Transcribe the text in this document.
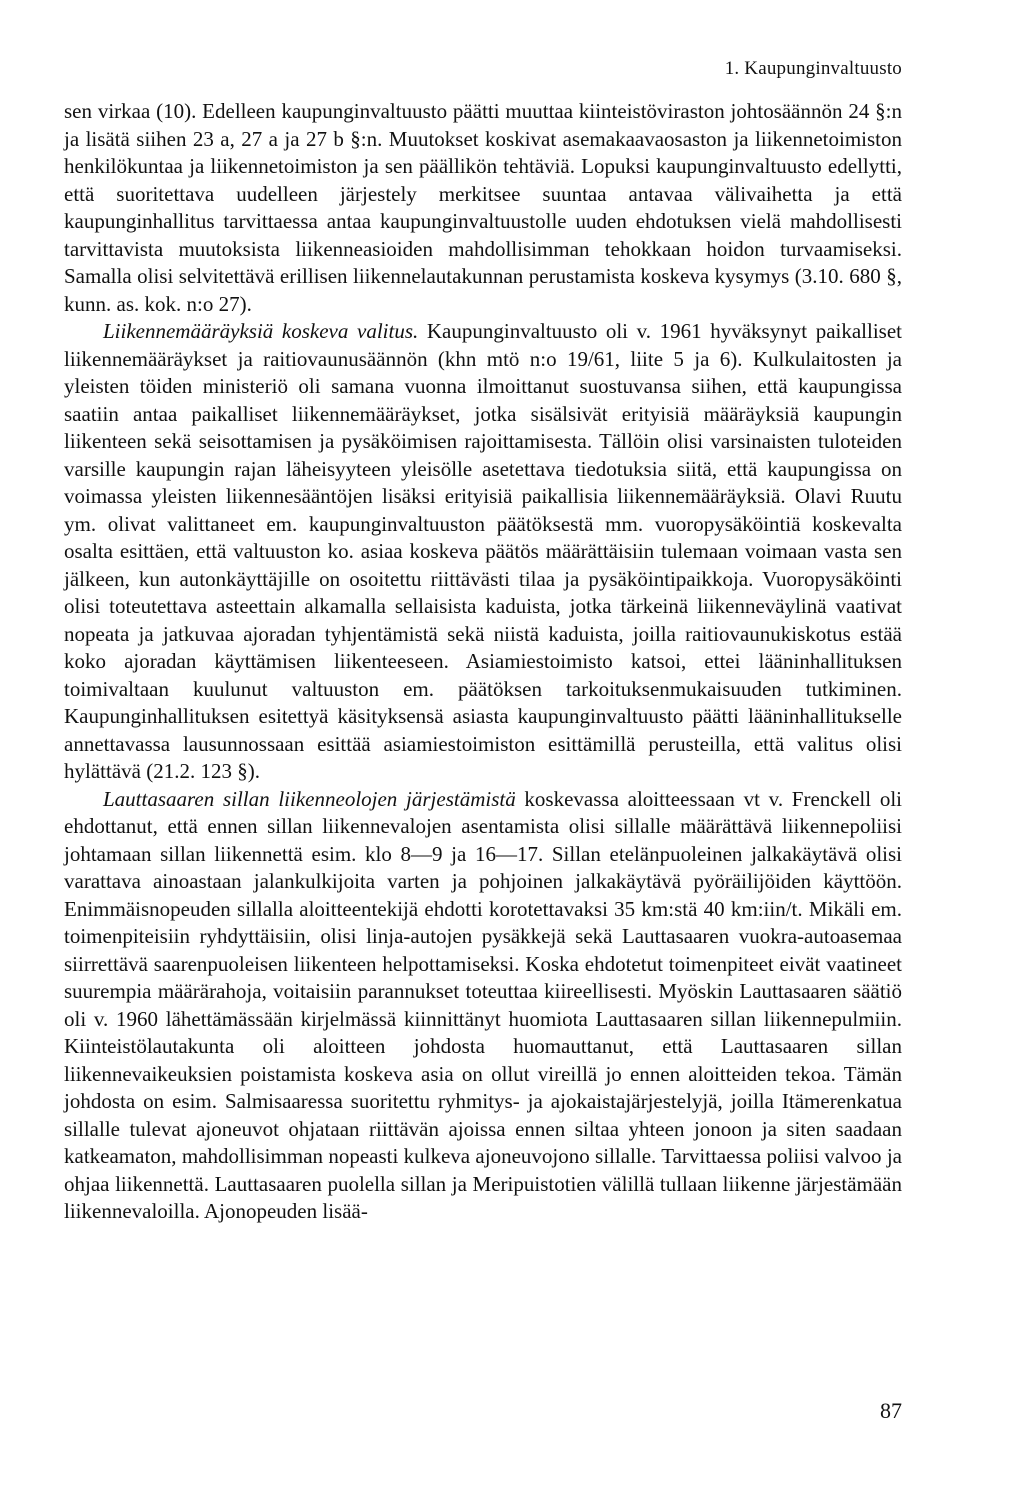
1. Kaupunginvaltuusto

sen virkaa (10). Edelleen kaupunginvaltuusto päätti muuttaa kiinteistöviraston johtosäännön 24 §:n ja lisätä siihen 23 a, 27 a ja 27 b §:n. Muutokset koskivat asemakaavaosaston ja liikennetoimiston henkilökuntaa ja liikennetoimiston ja sen päällikön tehtäviä. Lopuksi kaupunginvaltuusto edellytti, että suoritettava uudelleen järjestely merkitsee suuntaa antavaa välivaihetta ja että kaupunginhallitus tarvittaessa antaa kaupunginvaltuustolle uuden ehdotuksen vielä mahdollisesti tarvittavista muutoksista liikenneasioiden mahdollisimman tehokkaan hoidon turvaamiseksi. Samalla olisi selvitettävä erillisen liikennelautakunnan perustamista koskeva kysymys (3.10. 680 §, kunn. as. kok. n:o 27).

Liikennemääräyksiä koskeva valitus. Kaupunginvaltuusto oli v. 1961 hyväksynyt paikalliset liikennemääräykset ja raitiovaunusäännön (khn mtö n:o 19/61, liite 5 ja 6). Kulkulaitosten ja yleisten töiden ministeriö oli samana vuonna ilmoittanut suostuvansa siihen, että kaupungissa saatiin antaa paikalliset liikennemääräykset, jotka sisälsivät erityisiä määräyksiä kaupungin liikenteen sekä seisottamisen ja pysäköimisen rajoittamisesta. Tällöin olisi varsinaisten tuloteiden varsille kaupungin rajan läheisyyteen yleisölle asetettava tiedotuksia siitä, että kaupungissa on voimassa yleisten liikennesääntöjen lisäksi erityisiä paikallisia liikennemääräyksiä. Olavi Ruutu ym. olivat valittaneet em. kaupunginvaltuuston päätöksestä mm. vuoropysäköintiä koskevalta osalta esittäen, että valtuuston ko. asiaa koskeva päätös määrättäisiin tulemaan voimaan vasta sen jälkeen, kun autonkäyttäjille on osoitettu riittävästi tilaa ja pysäköintipaikkoja. Vuoropysäköinti olisi toteutettava asteettain alkamalla sellaisista kaduista, jotka tärkeinä liikenneväylinä vaativat nopeata ja jatkuvaa ajoradan tyhjentämistä sekä niistä kaduista, joilla raitiovaunukiskotus estää koko ajoradan käyttämisen liikenteeseen. Asiamiestoimisto katsoi, ettei lääninhallituksen toimivaltaan kuulunut valtuuston em. päätöksen tarkoituksenmukaisuuden tutkiminen. Kaupunginhallituksen esitettyä käsityksensä asiasta kaupunginvaltuusto päätti lääninhallitukselle annettavassa lausunnossaan esittää asiamiestoimiston esittämillä perusteilla, että valitus olisi hylättävä (21.2. 123 §).

Lauttasaaren sillan liikenneolojen järjestämistä koskevassa aloitteessaan vt v. Frenckell oli ehdottanut, että ennen sillan liikennevalojen asentamista olisi sillalle määrättävä liikennepoliisi johtamaan sillan liikennettä esim. klo 8—9 ja 16—17. Sillan etelänpuoleinen jalkakäytävä olisi varattava ainoastaan jalankulkijoita varten ja pohjoinen jalkakäytävä pyöräilijöiden käyttöön. Enimmäisnopeuden sillalla aloitteentekijä ehdotti korotettavaksi 35 km:stä 40 km:iin/t. Mikäli em. toimenpiteisiin ryhdyttäisiin, olisi linja-autojen pysäkkejä sekä Lauttasaaren vuokra-autoasemaa siirrettävä saarenpuoleisen liikenteen helpottamiseksi. Koska ehdotetut toimenpiteet eivät vaatineet suurempia määrärahoja, voitaisiin parannukset toteuttaa kiireellisesti. Myöskin Lauttasaaren säätiö oli v. 1960 lähettämässään kirjelmässä kiinnittänyt huomiota Lauttasaaren sillan liikennepulmiin. Kiinteistölautakunta oli aloitteen johdosta huomauttanut, että Lauttasaaren sillan liikennevaikeuksien poistamista koskeva asia on ollut vireillä jo ennen aloitteiden tekoa. Tämän johdosta on esim. Salmisaaressa suoritettu ryhmitys- ja ajokaistajärjestelyjä, joilla Itämerenkatua sillalle tulevat ajoneuvot ohjataan riittävän ajoissa ennen siltaa yhteen jonoon ja siten saadaan katkeamaton, mahdollisimman nopeasti kulkeva ajoneuvojono sillalle. Tarvittaessa poliisi valvoo ja ohjaa liikennettä. Lauttasaaren puolella sillan ja Meripuistotien välillä tullaan liikenne järjestämään liikennevaloilla. Ajonopeuden lisää-

87
